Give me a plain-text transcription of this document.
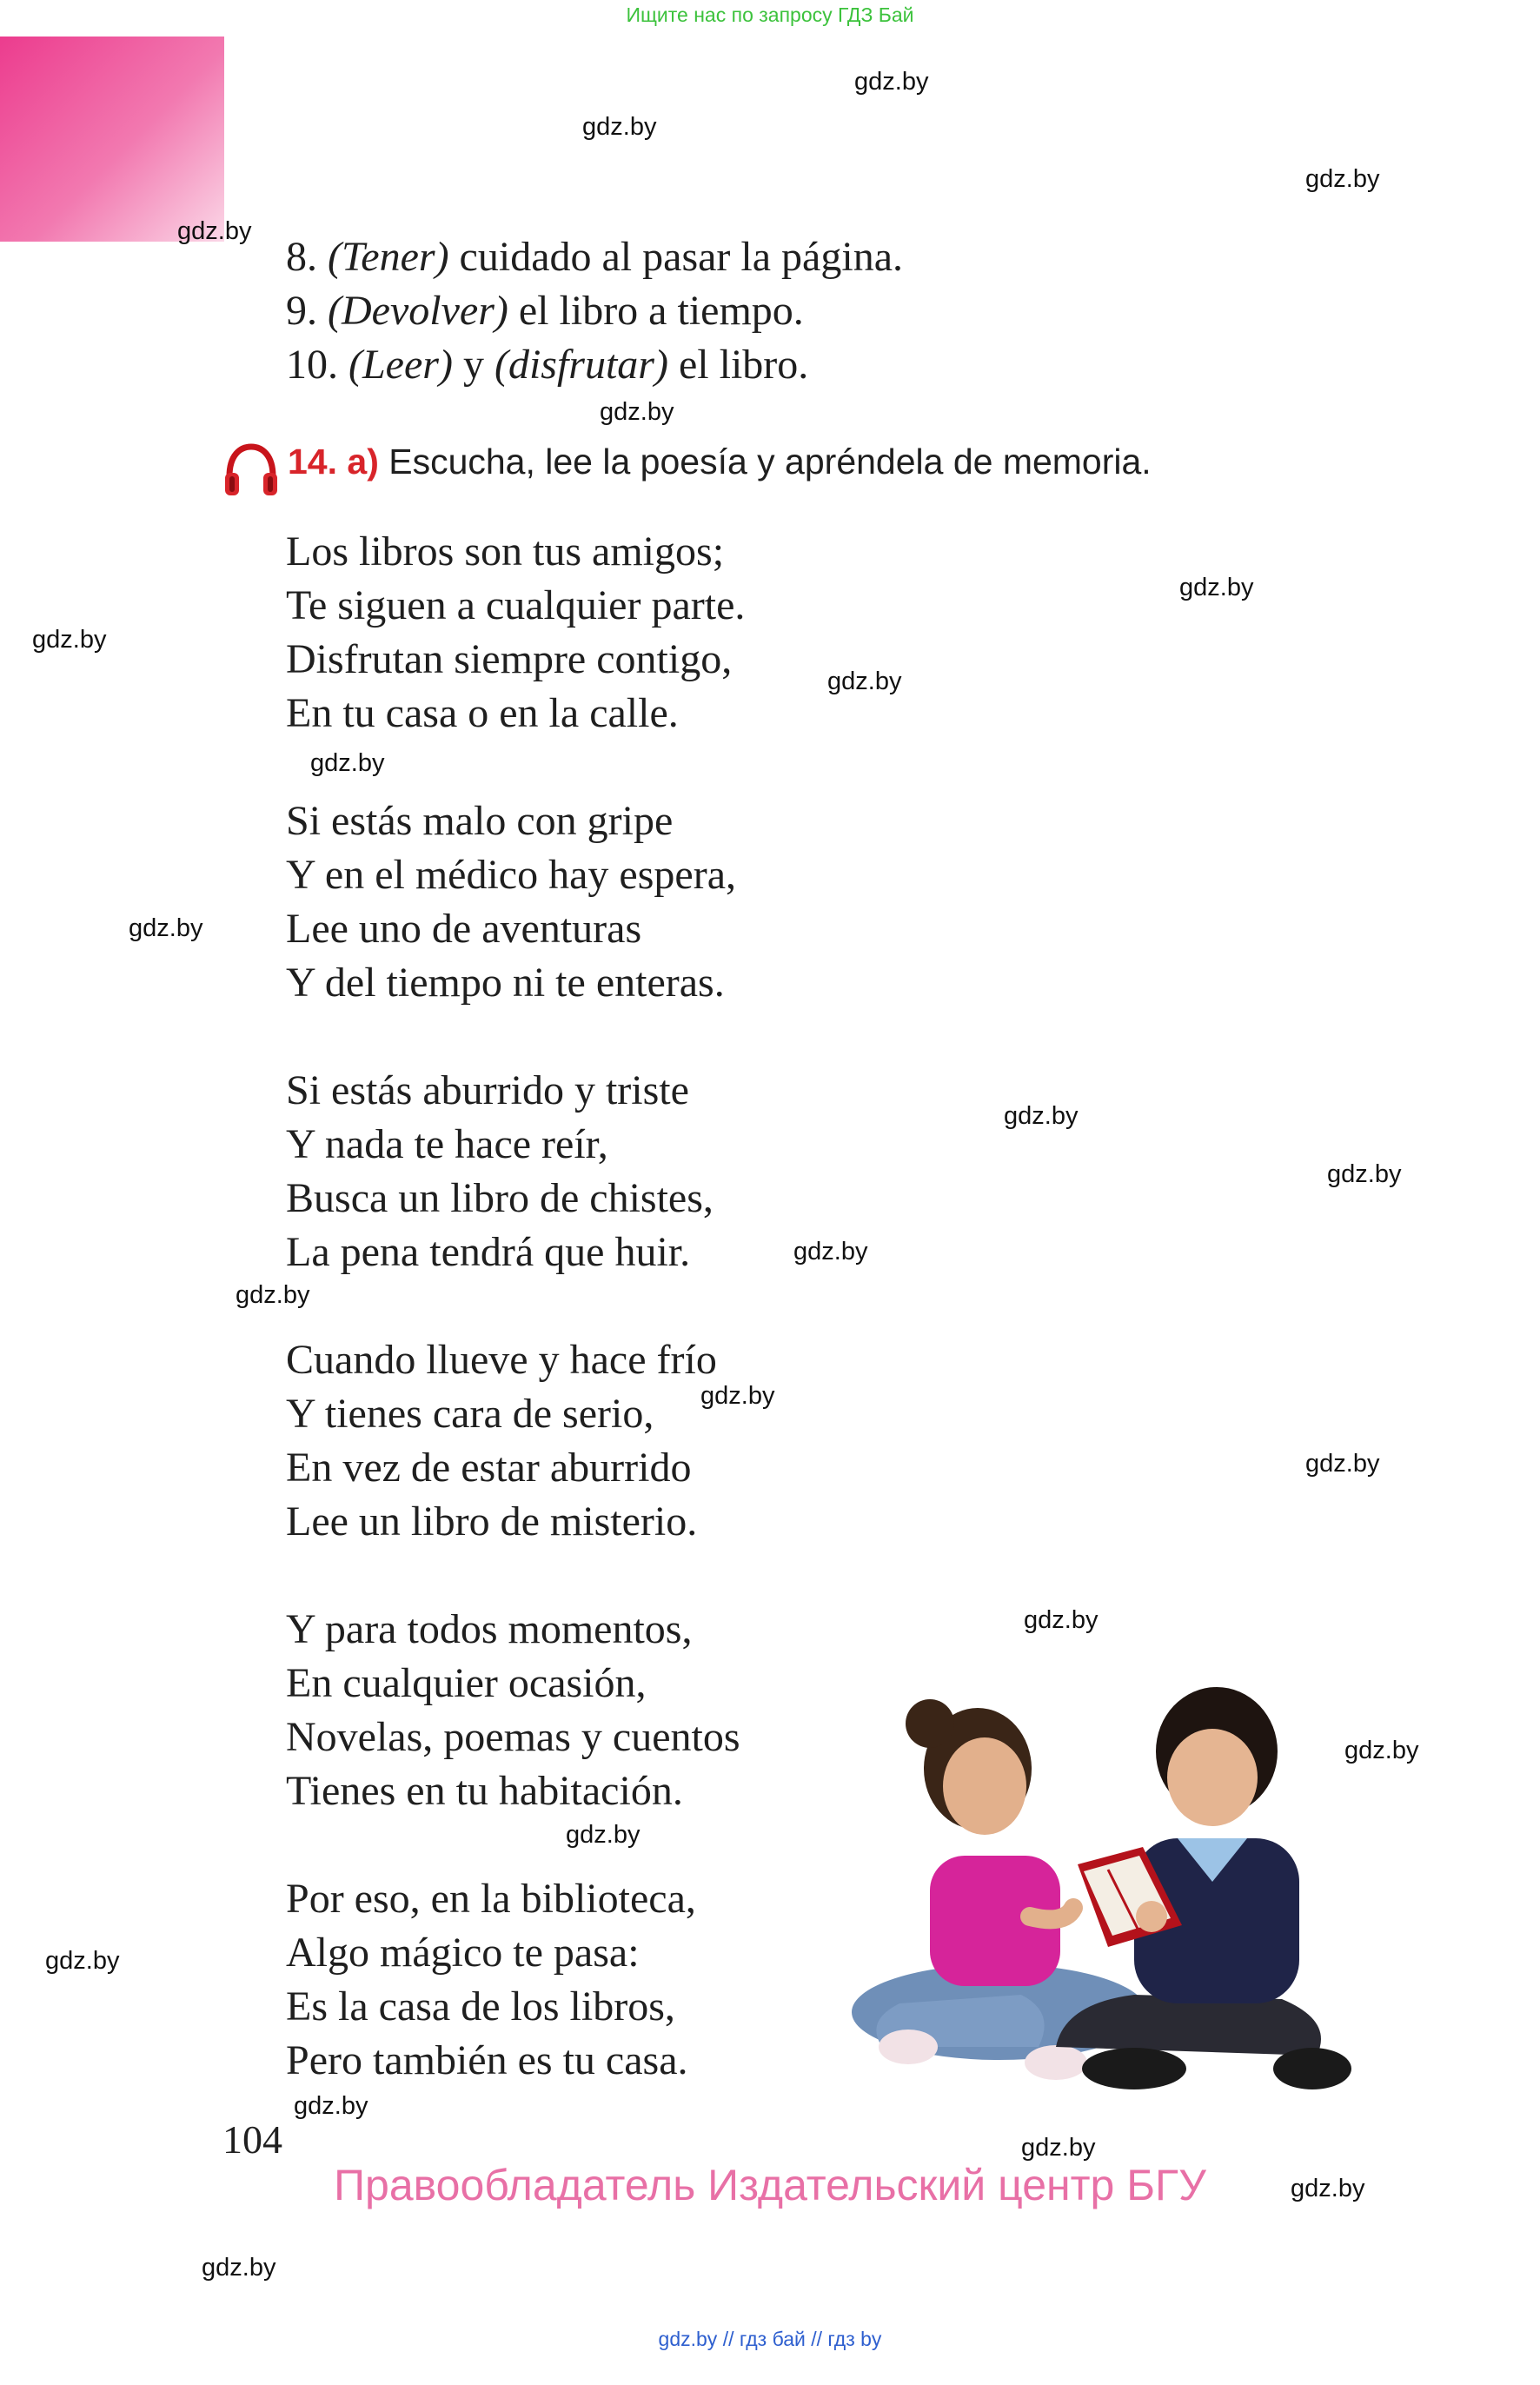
Ищите нас по запросу ГДЗ Бай
gdz.by
gdz.by
gdz.by
gdz.by
gdz.by
gdz.by
gdz.by
gdz.by
gdz.by
gdz.by
gdz.by
gdz.by
gdz.by
gdz.by
gdz.by
gdz.by
gdz.by
gdz.by
gdz.by
gdz.by
gdz.by
gdz.by
gdz.by
gdz.by
8. (Tener) cuidado al pasar la página.
9. (Devolver) el libro a tiempo.
10. (Leer) y (disfrutar) el libro.
14. a) Escucha, lee la poesía y apréndela de memoria.
Los libros son tus amigos;
Te siguen a cualquier parte.
Disfrutan siempre contigo,
En tu casa o en la calle.
Si estás malo con gripe
Y en el médico hay espera,
Lee uno de aventuras
Y del tiempo ni te enteras.
Si estás aburrido y triste
Y nada te hace reír,
Busca un libro de chistes,
La pena tendrá que huir.
Cuando llueve y hace frío
Y tienes cara de serio,
En vez de estar aburrido
Lee un libro de misterio.
Y para todos momentos,
En cualquier ocasión,
Novelas, poemas y cuentos
Tienes en tu habitación.
Por eso, en la biblioteca,
Algo mágico te pasa:
Es la casa de los libros,
Pero también es tu casa.
104
Правообладатель Издательский центр БГУ
gdz.by // гдз бай // гдз by
